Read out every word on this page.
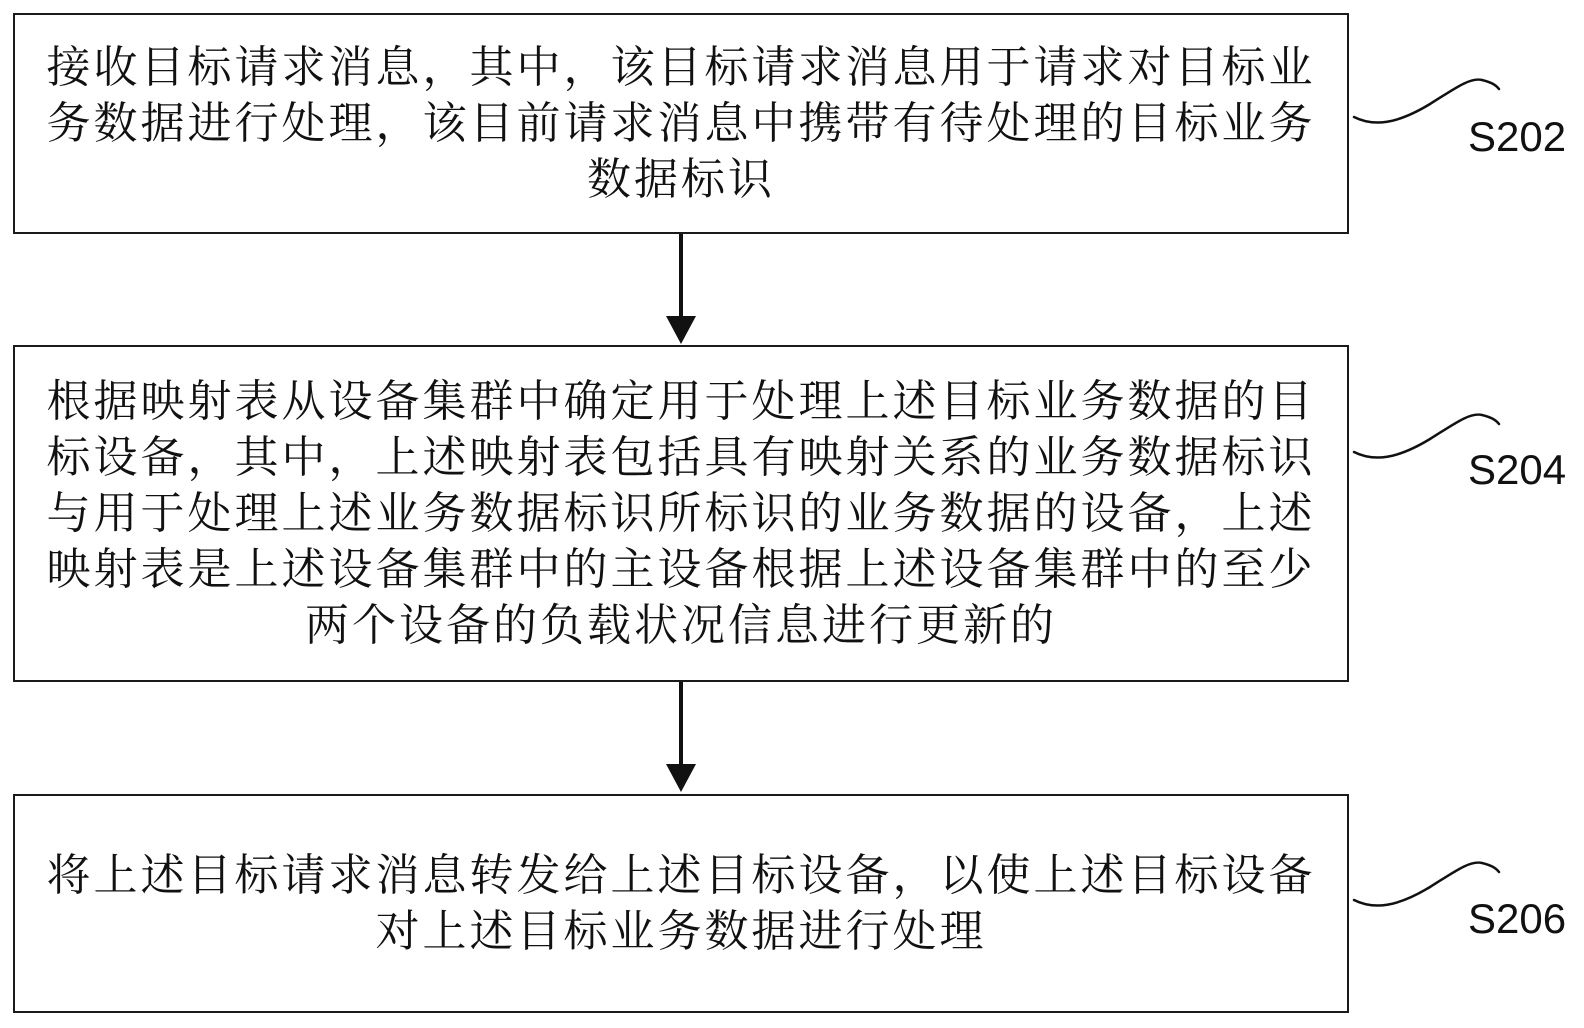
接收目标请求消息，其中，该目标请求消息用于请求对目标业
务数据进行处理，该目前请求消息中携带有待处理的目标业务
数据标识
根据映射表从设备集群中确定用于处理上述目标业务数据的目
标设备，其中，上述映射表包括具有映射关系的业务数据标识
与用于处理上述业务数据标识所标识的业务数据的设备，上述
映射表是上述设备集群中的主设备根据上述设备集群中的至少
两个设备的负载状况信息进行更新的
将上述目标请求消息转发给上述目标设备，以使上述目标设备
对上述目标业务数据进行处理
S202
S204
S206
